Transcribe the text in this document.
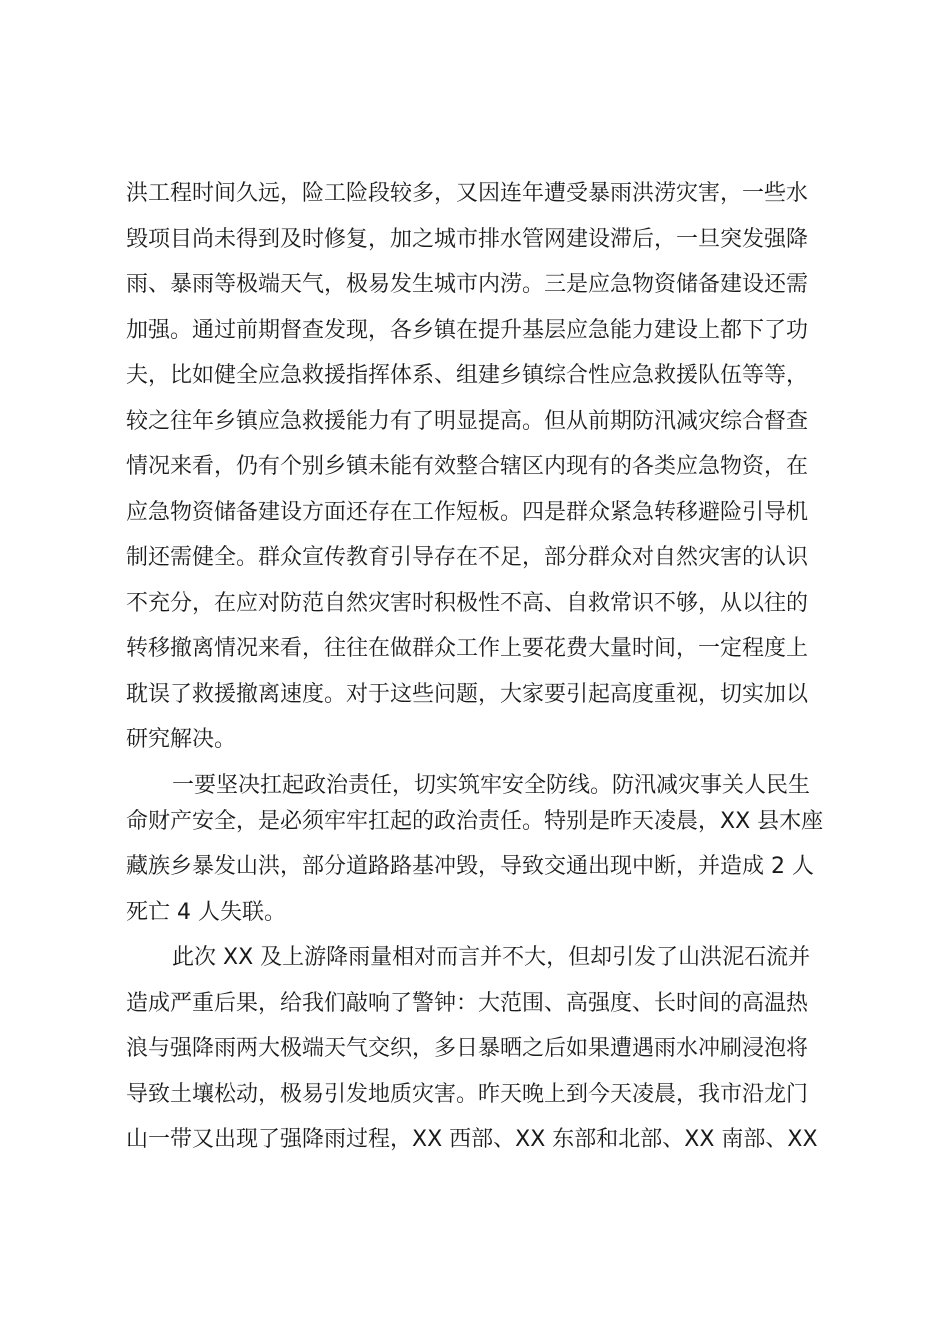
洪工程时间久远，险工险段较多，又因连年遭受暴雨洪涝灾害，一些水
毁项目尚未得到及时修复，加之城市排水管网建设滞后，一旦突发强降
雨、暴雨等极端天气，极易发生城市内涝。三是应急物资储备建设还需
加强。通过前期督查发现，各乡镇在提升基层应急能力建设上都下了功
夫，比如健全应急救援指挥体系、组建乡镇综合性应急救援队伍等等，
较之往年乡镇应急救援能力有了明显提高。但从前期防汛减灾综合督查
情况来看，仍有个别乡镇未能有效整合辖区内现有的各类应急物资，在
应急物资储备建设方面还存在工作短板。四是群众紧急转移避险引导机
制还需健全。群众宣传教育引导存在不足，部分群众对自然灾害的认识
不充分，在应对防范自然灾害时积极性不高、自救常识不够，从以往的
转移撤离情况来看，往往在做群众工作上要花费大量时间，一定程度上
耽误了救援撤离速度。对于这些问题，大家要引起高度重视，切实加以
研究解决。
一要坚决扛起政治责任，切实筑牢安全防线。防汛减灾事关人民生
命财产安全，是必须牢牢扛起的政治责任。特别是昨天凌晨，XX 县木座
藏族乡暴发山洪，部分道路路基冲毁，导致交通出现中断，并造成 2 人
死亡 4 人失联。
此次 XX 及上游降雨量相对而言并不大，但却引发了山洪泥石流并
造成严重后果，给我们敲响了警钟：大范围、高强度、长时间的高温热
浪与强降雨两大极端天气交织，多日暴晒之后如果遭遇雨水冲刷浸泡将
导致土壤松动，极易引发地质灾害。昨天晚上到今天凌晨，我市沿龙门
山一带又出现了强降雨过程，XX 西部、XX 东部和北部、XX 南部、XX
